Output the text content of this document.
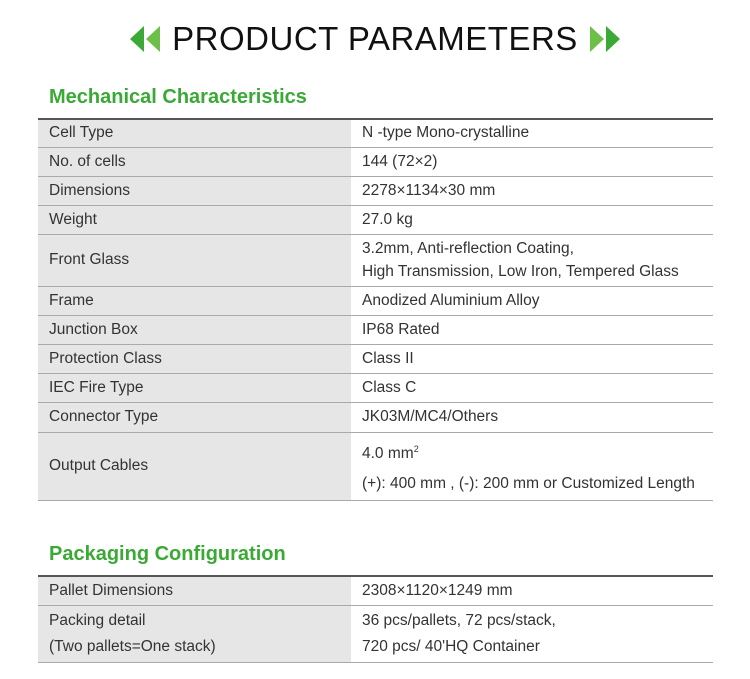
PRODUCT PARAMETERS
Mechanical Characteristics
Cell Type	N -type Mono-crystalline
No. of cells	144 (72×2)
Dimensions	2278×1134×30 mm
Weight	27.0 kg
Front Glass	3.2mm, Anti-reflection Coating,
High Transmission, Low Iron, Tempered Glass

Frame	Anodized Aluminium Alloy
Junction Box	IP68 Rated
Protection Class	Class II
IEC Fire Type	Class C
Connector Type	JK03M/MC4/Others
Output Cables	4.0 $mm^2$
(+): 400 mm , (-): 200 mm or Customized Length
Packaging Configuration
Pallet Dimensions	2308×1120×1249 mm

Packing detail
(Two pallets=One stack)	36 pcs/pallets, 72 pcs/stack,
720 pcs/ 40'HQ Container
